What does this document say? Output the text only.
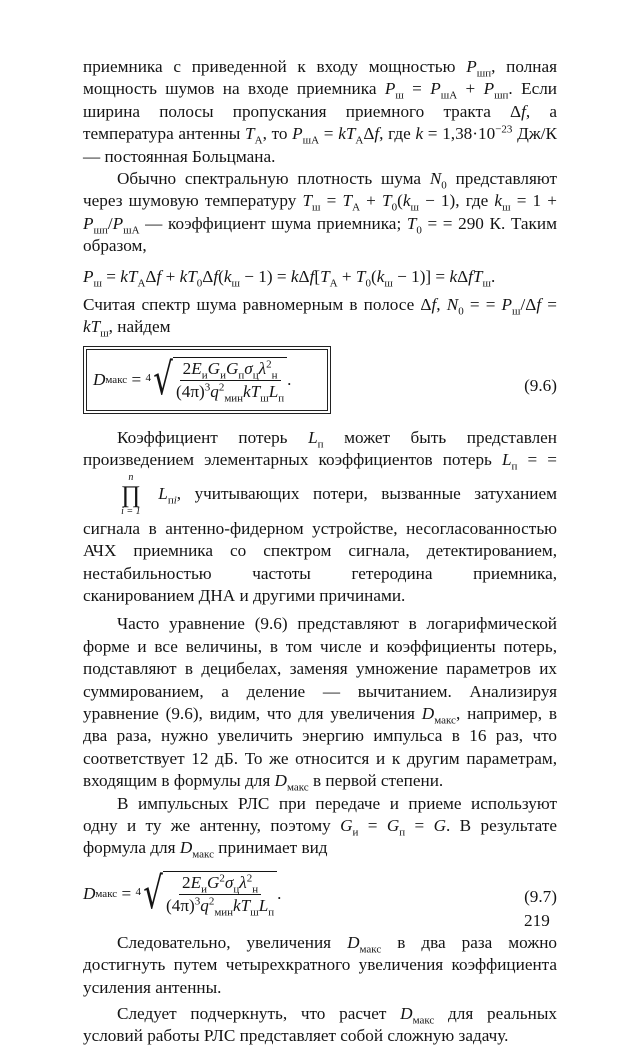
приемника с приведенной к входу мощностью $P_{шп}$, полная мощность шумов на входе приемника $P_ш = P_{шА} + P_{шп}$. Если ширина полосы пропускания приемного тракта Δf, а температура антенны $T_А$, то $P_{шА} = kT_А\Delta f$, где $k = 1,38\cdot 10^{-23}$ Дж/К — постоянная Больцмана.

Обычно спектральную плотность шума $N_0$ представляют через шумовую температуру $T_ш = T_А + T_0(k_ш - 1)$, где $k_ш = 1 + P_{шп}/P_{шА}$ — коэффициент шума приемника; $T_0$ = = 290 К. Таким образом,

$P_ш = kT_А\Delta f + kT_0\Delta f(k_ш - 1) = k\Delta f[T_А + T_0(k_ш - 1)] = k\Delta fT_ш$.

Считая спектр шума равномерным в полосе Δf, $N_0$ = = $P_ш/\Delta f = kT_ш$, найдем

D макс = 4 √ $\frac{2E_иG_иG_п\sigma_ц\lambda^2_н}{(4\pi)^3q^2_{мин}kT_шL_п}$ .	(9.6)

Коэффициент потерь $L_п$ может быть представлен произведением элементарных коэффициентов потерь $L_п$ = =
n
∏
i = 1
$L_{пi}$, учитывающих потери, вызванные затуханием сигнала в антенно-фидерном устройстве, несогласованностью АЧХ приемника со спектром сигнала, детектированием, нестабильностью частоты гетеродина приемника, сканированием ДНА и другими причинами.

Часто уравнение (9.6) представляют в логарифмической форме и все величины, в том числе и коэффициенты потерь, подставляют в децибелах, заменяя умножение параметров их суммированием, а деление — вычитанием. Анализируя уравнение (9.6), видим, что для увеличения $D_{макс}$, например, в два раза, нужно увеличить энергию импульса в 16 раз, что соответствует 12 дБ. То же относится и к другим параметрам, входящим в формулы для $D_{макс}$ в первой степени.

В импульсных РЛС при передаче и приеме используют одну и ту же антенну, поэтому $G_и = G_п = G$. В результате формула для $D_{макс}$ принимает вид

D макс = 4 √ $\frac{2E_иG^2\sigma_ц\lambda^2_н}{(4\pi)^3q^2_{мин}kT_шL_п}$ .	(9.7)

Следовательно, увеличения $D_{макс}$ в два раза можно достигнуть путем четырехкратного увеличения коэффициента усиления антенны.

Следует подчеркнуть, что расчет $D_{макс}$ для реальных условий работы РЛС представляет собой сложную задачу.

219
